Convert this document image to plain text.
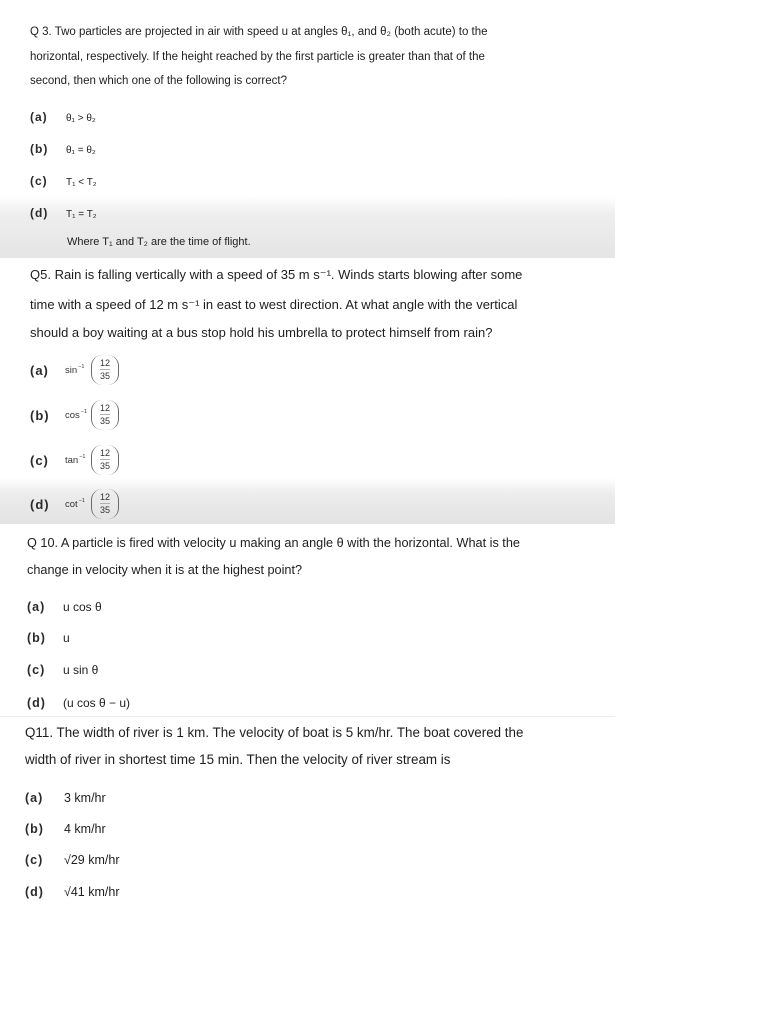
Q 3. Two particles are projected in air with speed u at angles θ₁, and θ₂ (both acute) to the
horizontal, respectively. If the height reached by the first particle is greater than that of the
second, then which one of the following is correct?
(a) θ₁ > θ₂
(b) θ₁ = θ₂
(c) T₁ < T₂
(d) T₁ = T₂
Where T₁ and T₂ are the time of flight.
Q5. Rain is falling vertically with a speed of 35 m s⁻¹. Winds starts blowing after some
time with a speed of 12 m s⁻¹ in east to west direction. At what angle with the vertical
should a boy waiting at a bus stop hold his umbrella to protect himself from rain?
(a)	$\sin^{-1}$	$\frac{12}{35}$
(b)	$\cos^{-1}$	$\frac{12}{35}$
(c)	$\tan^{-1}$	$\frac{12}{35}$
(d)	$\cot^{-1}$	$\frac{12}{35}$
Q 10. A particle is fired with velocity u making an angle θ with the horizontal. What is the
change in velocity when it is at the highest point?
(a) u cos θ
(b) u
(c) u sin θ
(d) (u cos θ − u)
Q11. The width of river is 1 km. The velocity of boat is 5 km/hr. The boat covered the
width of river in shortest time 15 min. Then the velocity of river stream is
(a) 3 km/hr
(b) 4 km/hr
(c) √29 km/hr
(d) √41 km/hr
